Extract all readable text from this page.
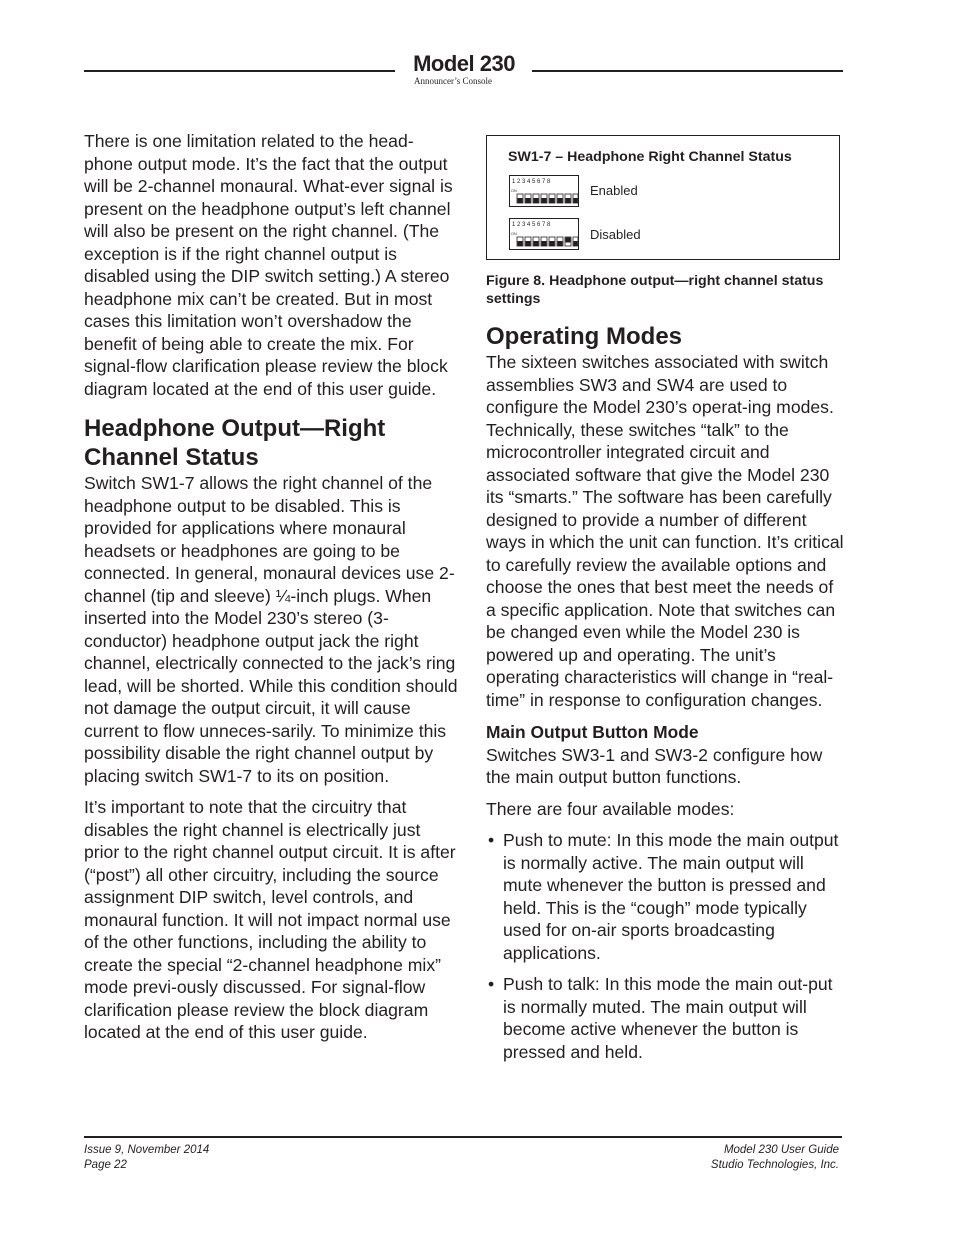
Model 230
Announcer’s Console

There is one limitation related to the head-phone output mode. It’s the fact that the output will be 2-channel monaural. What-ever signal is present on the headphone output’s left channel will also be present on the right channel. (The exception is if the right channel output is disabled using the DIP switch setting.) A stereo headphone mix can’t be created. But in most cases this limitation won’t overshadow the benefit of being able to create the mix. For signal-flow clarification please review the block diagram located at the end of this user guide.

Headphone Output—Right Channel Status

Switch SW1-7 allows the right channel of the headphone output to be disabled. This is provided for applications where monaural headsets or headphones are going to be connected. In general, monaural devices use 2-channel (tip and sleeve) ¼-inch plugs. When inserted into the Model 230’s stereo (3-conductor) headphone output jack the right channel, electrically connected to the jack’s ring lead, will be shorted. While this condition should not damage the output circuit, it will cause current to flow unneces-sarily. To minimize this possibility disable the right channel output by placing switch SW1-7 to its on position.

It’s important to note that the circuitry that disables the right channel is electrically just prior to the right channel output circuit. It is after (“post”) all other circuitry, including the source assignment DIP switch, level controls, and monaural function. It will not impact normal use of the other functions, including the ability to create the special “2-channel headphone mix” mode previ-ously discussed. For signal-flow clarification please review the block diagram located at the end of this user guide.

SW1-7 – Headphone Right Channel Status
1 2 3 4 5 6 7 8
ON	Enabled
1 2 3 4 5 6 7 8
ON	Disabled

Figure 8. Headphone output—right channel status settings

Operating Modes

The sixteen switches associated with switch assemblies SW3 and SW4 are used to configure the Model 230’s operat-ing modes. Technically, these switches “talk” to the microcontroller integrated circuit and associated software that give the Model 230 its “smarts.” The software has been carefully designed to provide a number of different ways in which the unit can function. It’s critical to carefully review the available options and choose the ones that best meet the needs of a specific application. Note that switches can be changed even while the Model 230 is powered up and operating. The unit’s operating characteristics will change in “real-time” in response to configuration changes.

Main Output Button Mode

Switches SW3-1 and SW3-2 configure how the main output button functions.

There are four available modes:

• Push to mute: In this mode the main output is normally active. The main output will mute whenever the button is pressed and held. This is the “cough” mode typically used for on-air sports broadcasting applications.
• Push to talk: In this mode the main out-put is normally muted. The main output will become active whenever the button is pressed and held.
Issue 9, November 2014
Page 22
Model 230 User Guide
Studio Technologies, Inc.
